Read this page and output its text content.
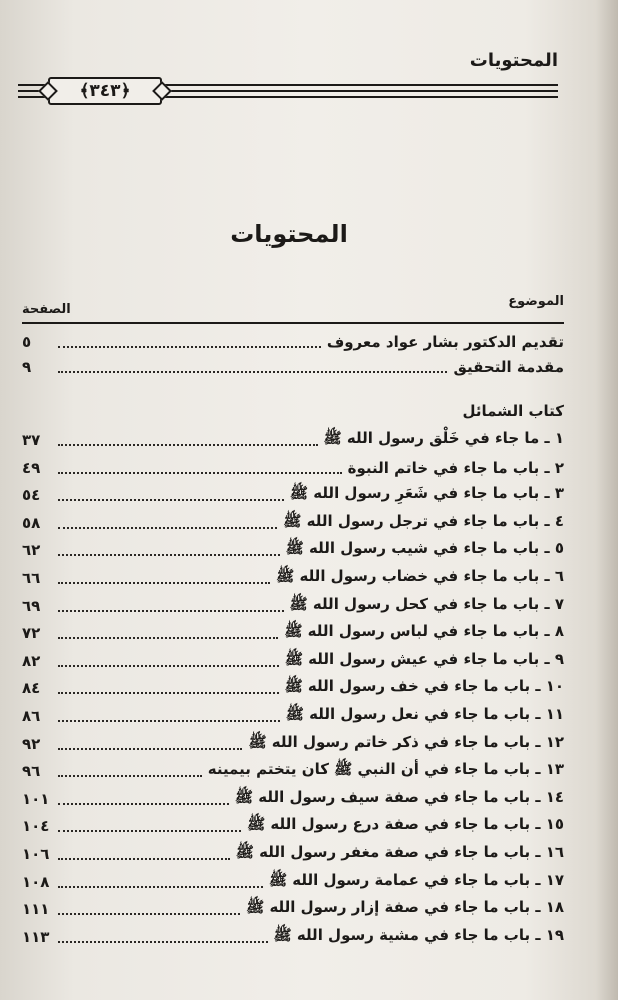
المحتويات
﴿٣٤٣﴾
المحتويات
الموضوع
الصفحة
تقديم الدكتور بشار عواد معروف
٥
مقدمة التحقيق
٩
كتاب الشمائل
١ ـ ما جاء في خَلْق رسول الله ﷺ
٣٧
٢ ـ باب ما جاء في خاتم النبوة
٤٩
٣ ـ باب ما جاء في شَعَرِ رسول الله ﷺ
٥٤
٤ ـ باب ما جاء في ترجل رسول الله ﷺ
٥٨
٥ ـ باب ما جاء في شيب رسول الله ﷺ
٦٢
٦ ـ باب ما جاء في خضاب رسول الله ﷺ
٦٦
٧ ـ باب ما جاء في كحل رسول الله ﷺ
٦٩
٨ ـ باب ما جاء في لباس رسول الله ﷺ
٧٢
٩ ـ باب ما جاء في عيش رسول الله ﷺ
٨٢
١٠ ـ باب ما جاء في خف رسول الله ﷺ
٨٤
١١ ـ باب ما جاء في نعل رسول الله ﷺ
٨٦
١٢ ـ باب ما جاء في ذكر خاتم رسول الله ﷺ
٩٢
١٣ ـ باب ما جاء في أن النبي ﷺ كان يتختم بيمينه
٩٦
١٤ ـ باب ما جاء في صفة سيف رسول الله ﷺ
١٠١
١٥ ـ باب ما جاء في صفة درع رسول الله ﷺ
١٠٤
١٦ ـ باب ما جاء في صفة مغفر رسول الله ﷺ
١٠٦
١٧ ـ باب ما جاء في عمامة رسول الله ﷺ
١٠٨
١٨ ـ باب ما جاء في صفة إزار رسول الله ﷺ
١١١
١٩ ـ باب ما جاء في مشية رسول الله ﷺ
١١٣
